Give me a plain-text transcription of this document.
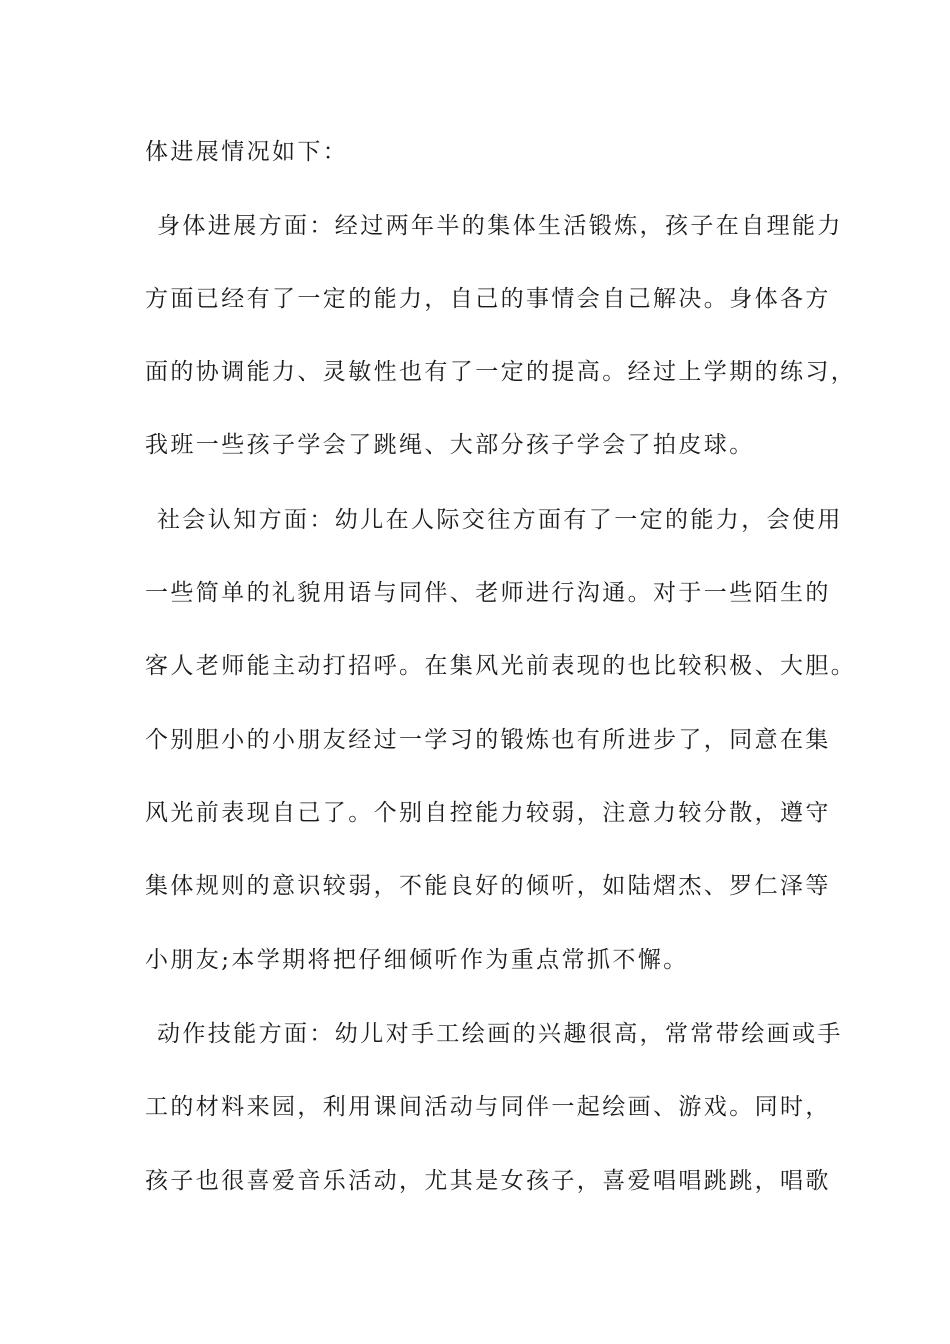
体进展情况如下：
身体进展方面：经过两年半的集体生活锻炼，孩子在自理能力
方面已经有了一定的能力，自己的事情会自己解决。身体各方
面的协调能力、灵敏性也有了一定的提高。经过上学期的练习，
我班一些孩子学会了跳绳、大部分孩子学会了拍皮球。
社会认知方面：幼儿在人际交往方面有了一定的能力，会使用
一些简单的礼貌用语与同伴、老师进行沟通。对于一些陌生的
客人老师能主动打招呼。在集风光前表现的也比较积极、大胆。
个别胆小的小朋友经过一学习的锻炼也有所进步了，同意在集
风光前表现自己了。个别自控能力较弱，注意力较分散，遵守
集体规则的意识较弱，不能良好的倾听，如陆熠杰、罗仁泽等
小朋友;本学期将把仔细倾听作为重点常抓不懈。
动作技能方面：幼儿对手工绘画的兴趣很高，常常带绘画或手
工的材料来园，利用课间活动与同伴一起绘画、游戏。同时，
孩子也很喜爱音乐活动，尤其是女孩子，喜爱唱唱跳跳，唱歌
